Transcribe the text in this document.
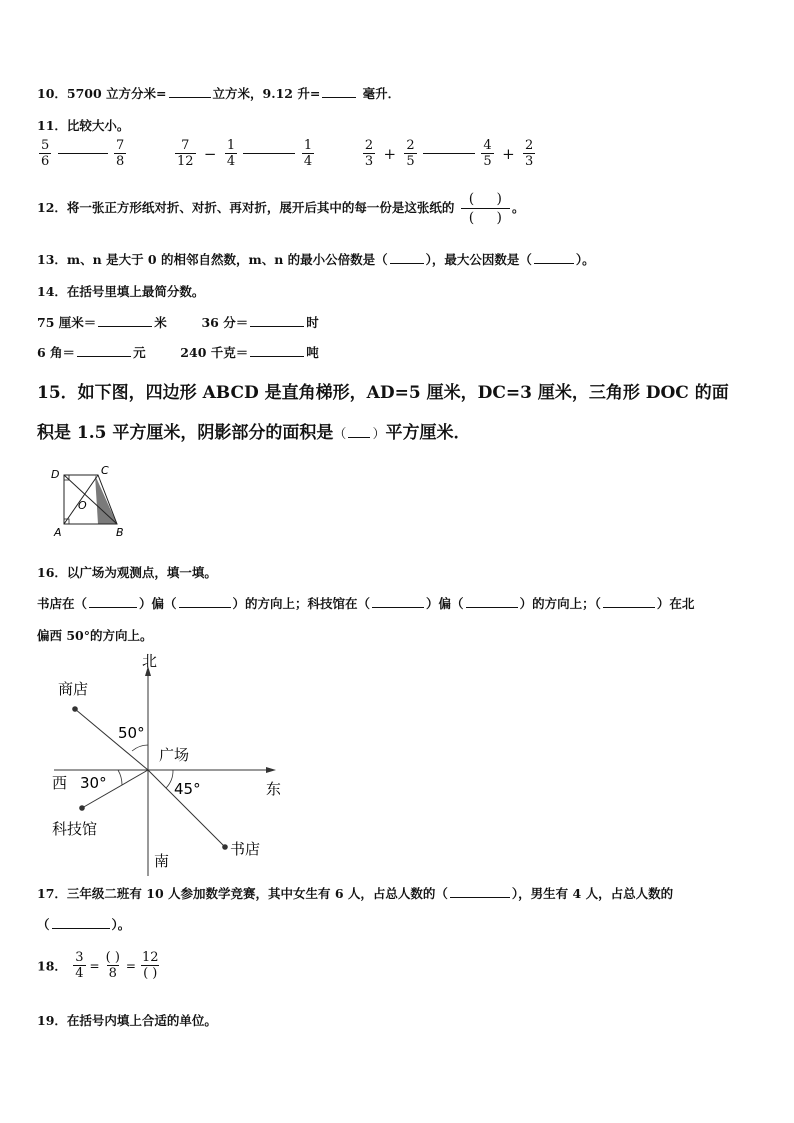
10．5700 立方分米=	立方米，9.12 升=	毫升．
11．比较大小。
$\frac{5}{6}$
	$\frac{7}{8}$
	$\frac{7}{12} - \frac{1}{4}$
	$\frac{1}{4}$
	$\frac{2}{3} + \frac{2}{5}$
	$\frac{4}{5} + \frac{2}{3}$
12．将一张正方形纸对折、对折、再对折，展开后其中的每一份是这张纸的 $\frac{( )}{( )}$ 。
13．m、n 是大于 0 的相邻自然数，m、n 的最小公倍数是（	），最大公因数是（	）。
14．在括号里填上最简分数。
75 厘米＝	米	36 分＝	时
6 角＝	元	240 千克＝	吨
15．如下图，四边形 ABCD 是直角梯形，AD=5 厘米，DC=3 厘米，三角形 DOC 的面
积是 1.5 平方厘米，阴影部分的面积是（ ）平方厘米．
D	C
O
A	B
16．以广场为观测点，填一填。
书店在（	）偏（	）的方向上；科技馆在（	）偏（	）的方向上；（	）在北
偏西 50°的方向上。
北
南
东
西
广场
商店
科技馆
书店
50°
30°	45°
17．三年级二班有 10 人参加数学竞赛，其中女生有 6 人，占总人数的（	），男生有 4 人，占总人数的
（	）。
18． $\frac{3}{4} = \frac{( )}{8} = \frac{12}{( )}$
19．在括号内填上合适的单位。
